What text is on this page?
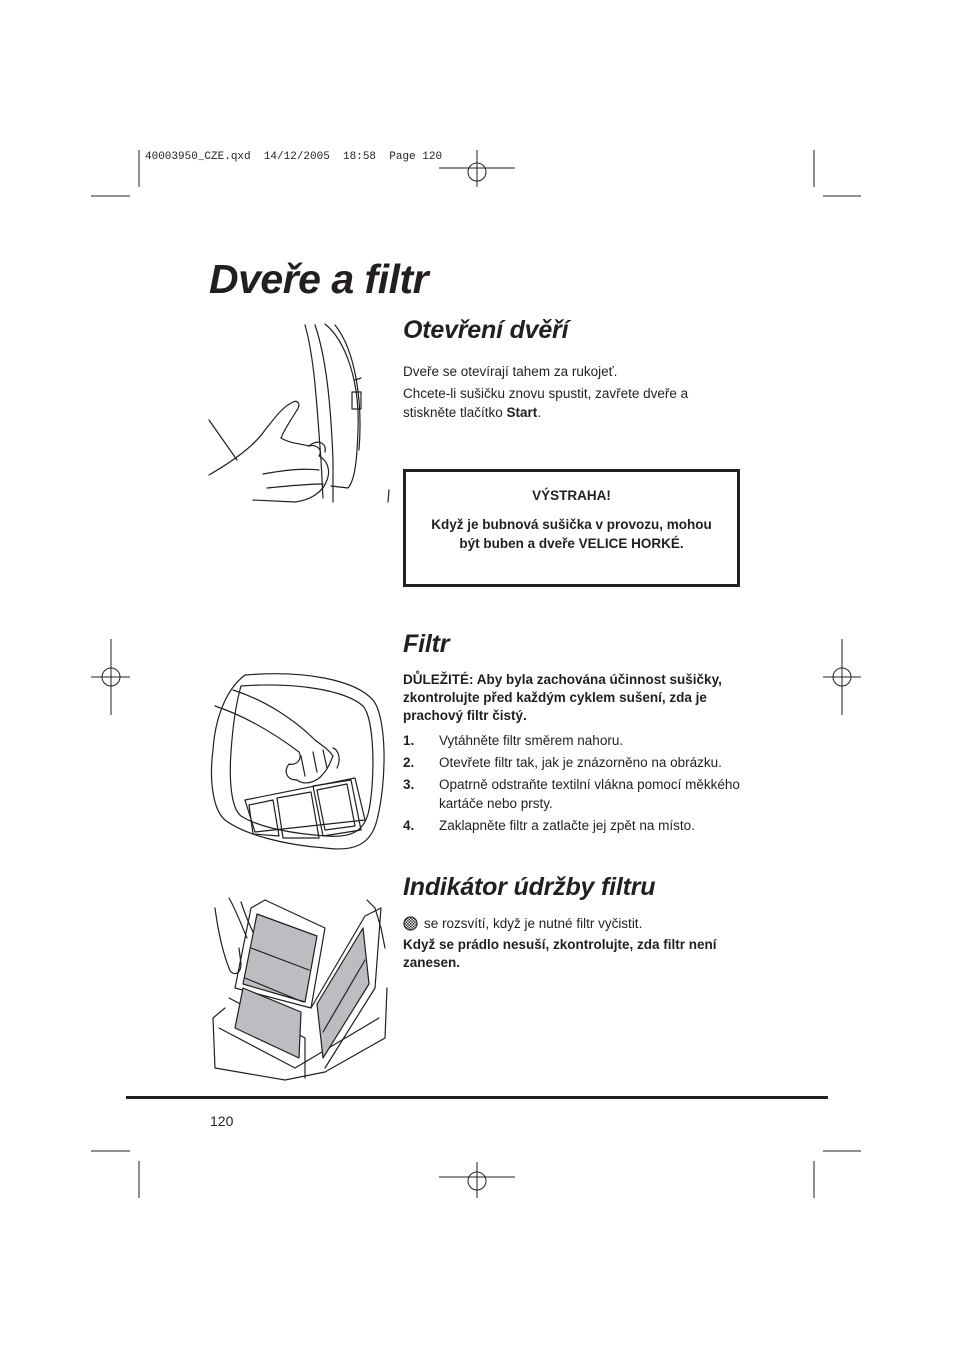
40003950_CZE.qxd  14/12/2005  18:58  Page 120
Dveře a filtr
Otevření dvěří

Dveře se otevírají tahem za rukojeť.

Chcete-li sušičku znovu spustit, zavřete dveře a stiskněte tlačítko Start.

VÝSTRAHA!
Když je bubnová sušička v provozu, mohou být buben a dveře VELICE HORKÉ.
Filtr

DŮLEŽITÉ: Aby byla zachována účinnost sušičky, zkontrolujte před každým cyklem sušení, zda je prachový filtr čistý.

1. Vytáhněte filtr směrem nahoru.
2. Otevřete filtr tak, jak je znázorněno na obrázku.
3. Opatrně odstraňte textilní vlákna pomocí měkkého kartáče nebo prsty.
4. Zaklapněte filtr a zatlačte jej zpět na místo.
Indikátor údržby filtru

se rozsvítí, když je nutné filtr vyčistit.

Když se prádlo nesuší, zkontrolujte, zda filtr není zanesen.

120
